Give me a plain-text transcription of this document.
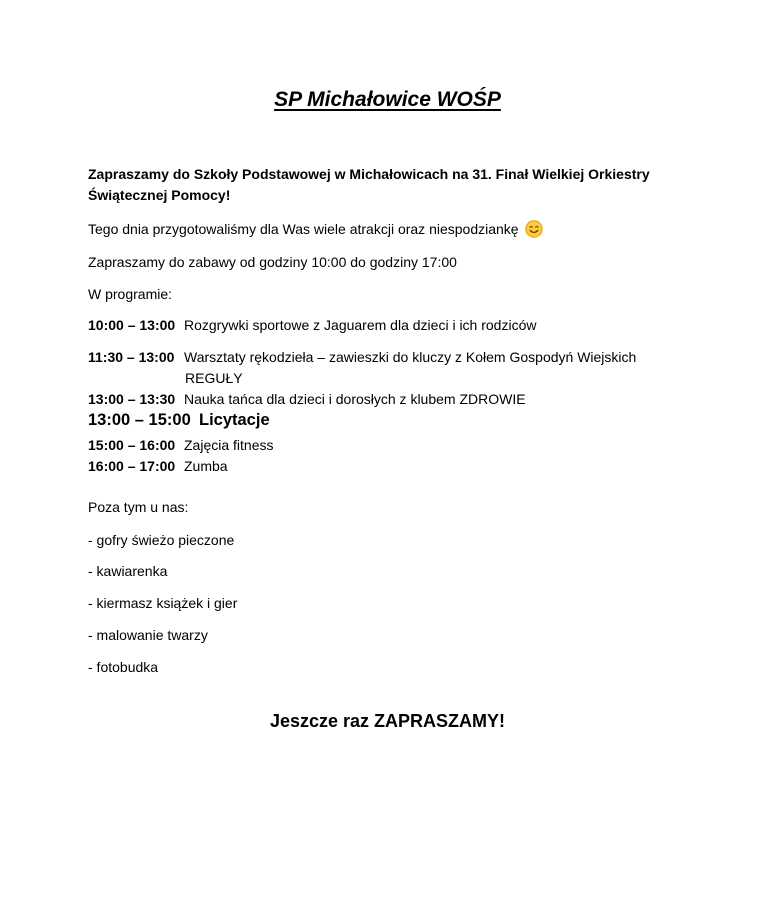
SP Michałowice WOŚP
Zapraszamy do Szkoły Podstawowej w Michałowicach na 31. Finał Wielkiej Orkiestry Świątecznej Pomocy!
Tego dnia przygotowaliśmy dla Was wiele atrakcji oraz niespodziankę
Zapraszamy do zabawy od godziny 10:00 do godziny 17:00
W programie:
10:00 – 13:00 Rozgrywki sportowe z Jaguarem dla dzieci i ich rodziców
11:30 – 13:00 Warsztaty rękodzieła – zawieszki do kluczy z Kołem Gospodyń Wiejskich
REGUŁY
13:00 – 13:30 Nauka tańca dla dzieci i dorosłych z klubem ZDROWIE
13:00 – 15:00 Licytacje
15:00 – 16:00 Zajęcia fitness
16:00 – 17:00 Zumba
Poza tym u nas:
- gofry świeżo pieczone
- kawiarenka
- kiermasz książek i gier
- malowanie twarzy
- fotobudka
Jeszcze raz ZAPRASZAMY!
